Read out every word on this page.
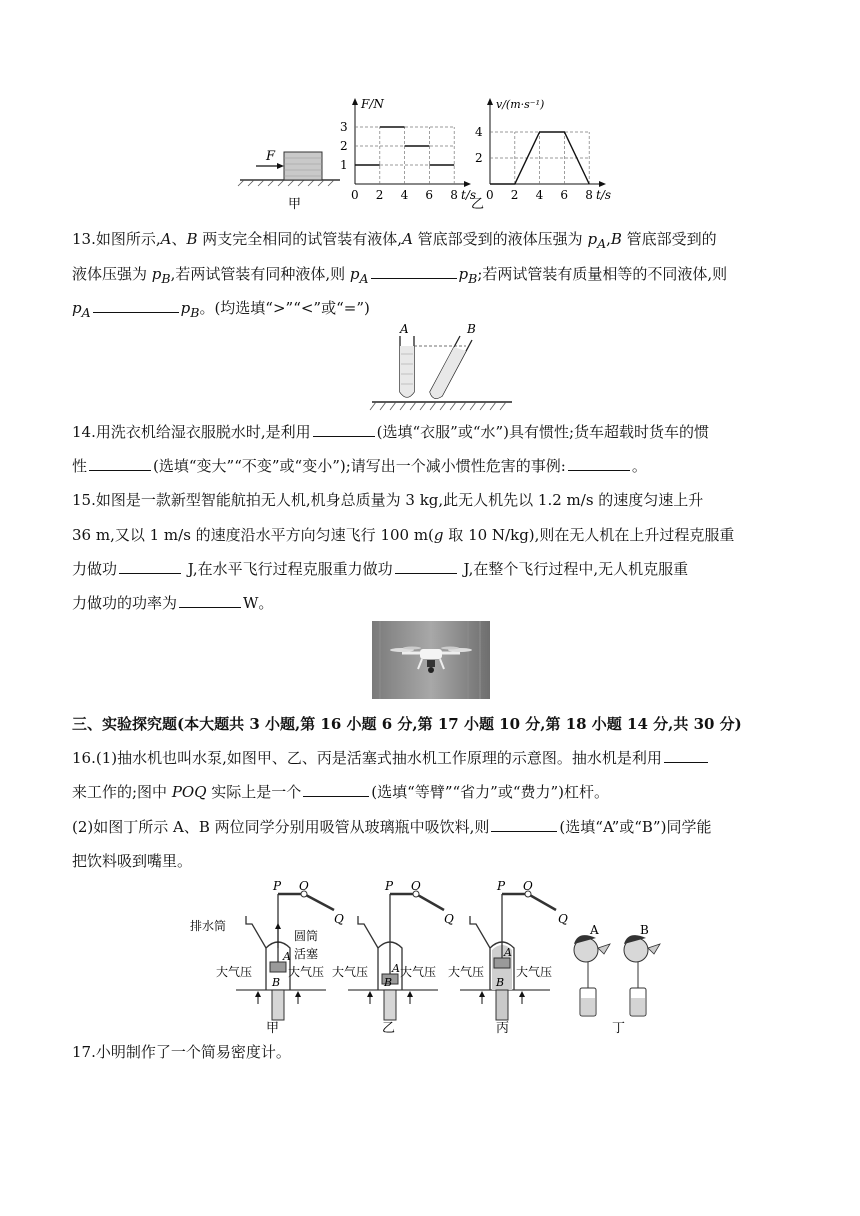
F
甲
F/N
t/s
0 2 4 6 8
3
2
1
v/(m·s⁻¹)
t/s
乙
0 2 4 6 8
4
2
13.如图所示,A、B 两支完全相同的试管装有液体,A 管底部受到的液体压强为 $p_A,B$ 管底部受到的
液体压强为 $p_B$,若两试管装有同种液体,则 $p_A$	$p_B$;若两试管装有质量相等的不同液体,则
$p_A$	$p_B$。(均选填“>”“<”或“=”)
A	B
14.用洗衣机给湿衣服脱水时,是利用	(选填“衣服”或“水”)具有惯性;货车超载时货车的惯
性	(选填“变大”“不变”或“变小”);请写出一个减小惯性危害的事例:	。
15.如图是一款新型智能航拍无人机,机身总质量为 3 kg,此无人机先以 1.2 m/s 的速度匀速上升
36 m,又以 1 m/s 的速度沿水平方向匀速飞行 100 m(g 取 10 N/kg),则在无人机在上升过程克服重
力做功	J,在水平飞行过程克服重力做功	J,在整个飞行过程中,无人机克服重
力做功的功率为	W。
三、实验探究题(本大题共 3 小题,第 16 小题 6 分,第 17 小题 10 分,第 18 小题 14 分,共 30 分)
16.(1)抽水机也叫水泵,如图甲、乙、丙是活塞式抽水机工作原理的示意图。抽水机是利用
来工作的;图中 POQ 实际上是一个	(选填“等臂”“省力”或“费力”)杠杆。
(2)如图丁所示 A、B 两位同学分别用吸管从玻璃瓶中吸饮料,则	(选填“A”或“B”)同学能
把饮料吸到嘴里。
P O
Q
P O
Q
P O
Q
排水筒
圆筒
活塞
A
B
A
B
A
B
大气压	大气压 大气压	大气压 大气压	大气压
A	B
甲	乙	丙	丁
17.小明制作了一个简易密度计。
